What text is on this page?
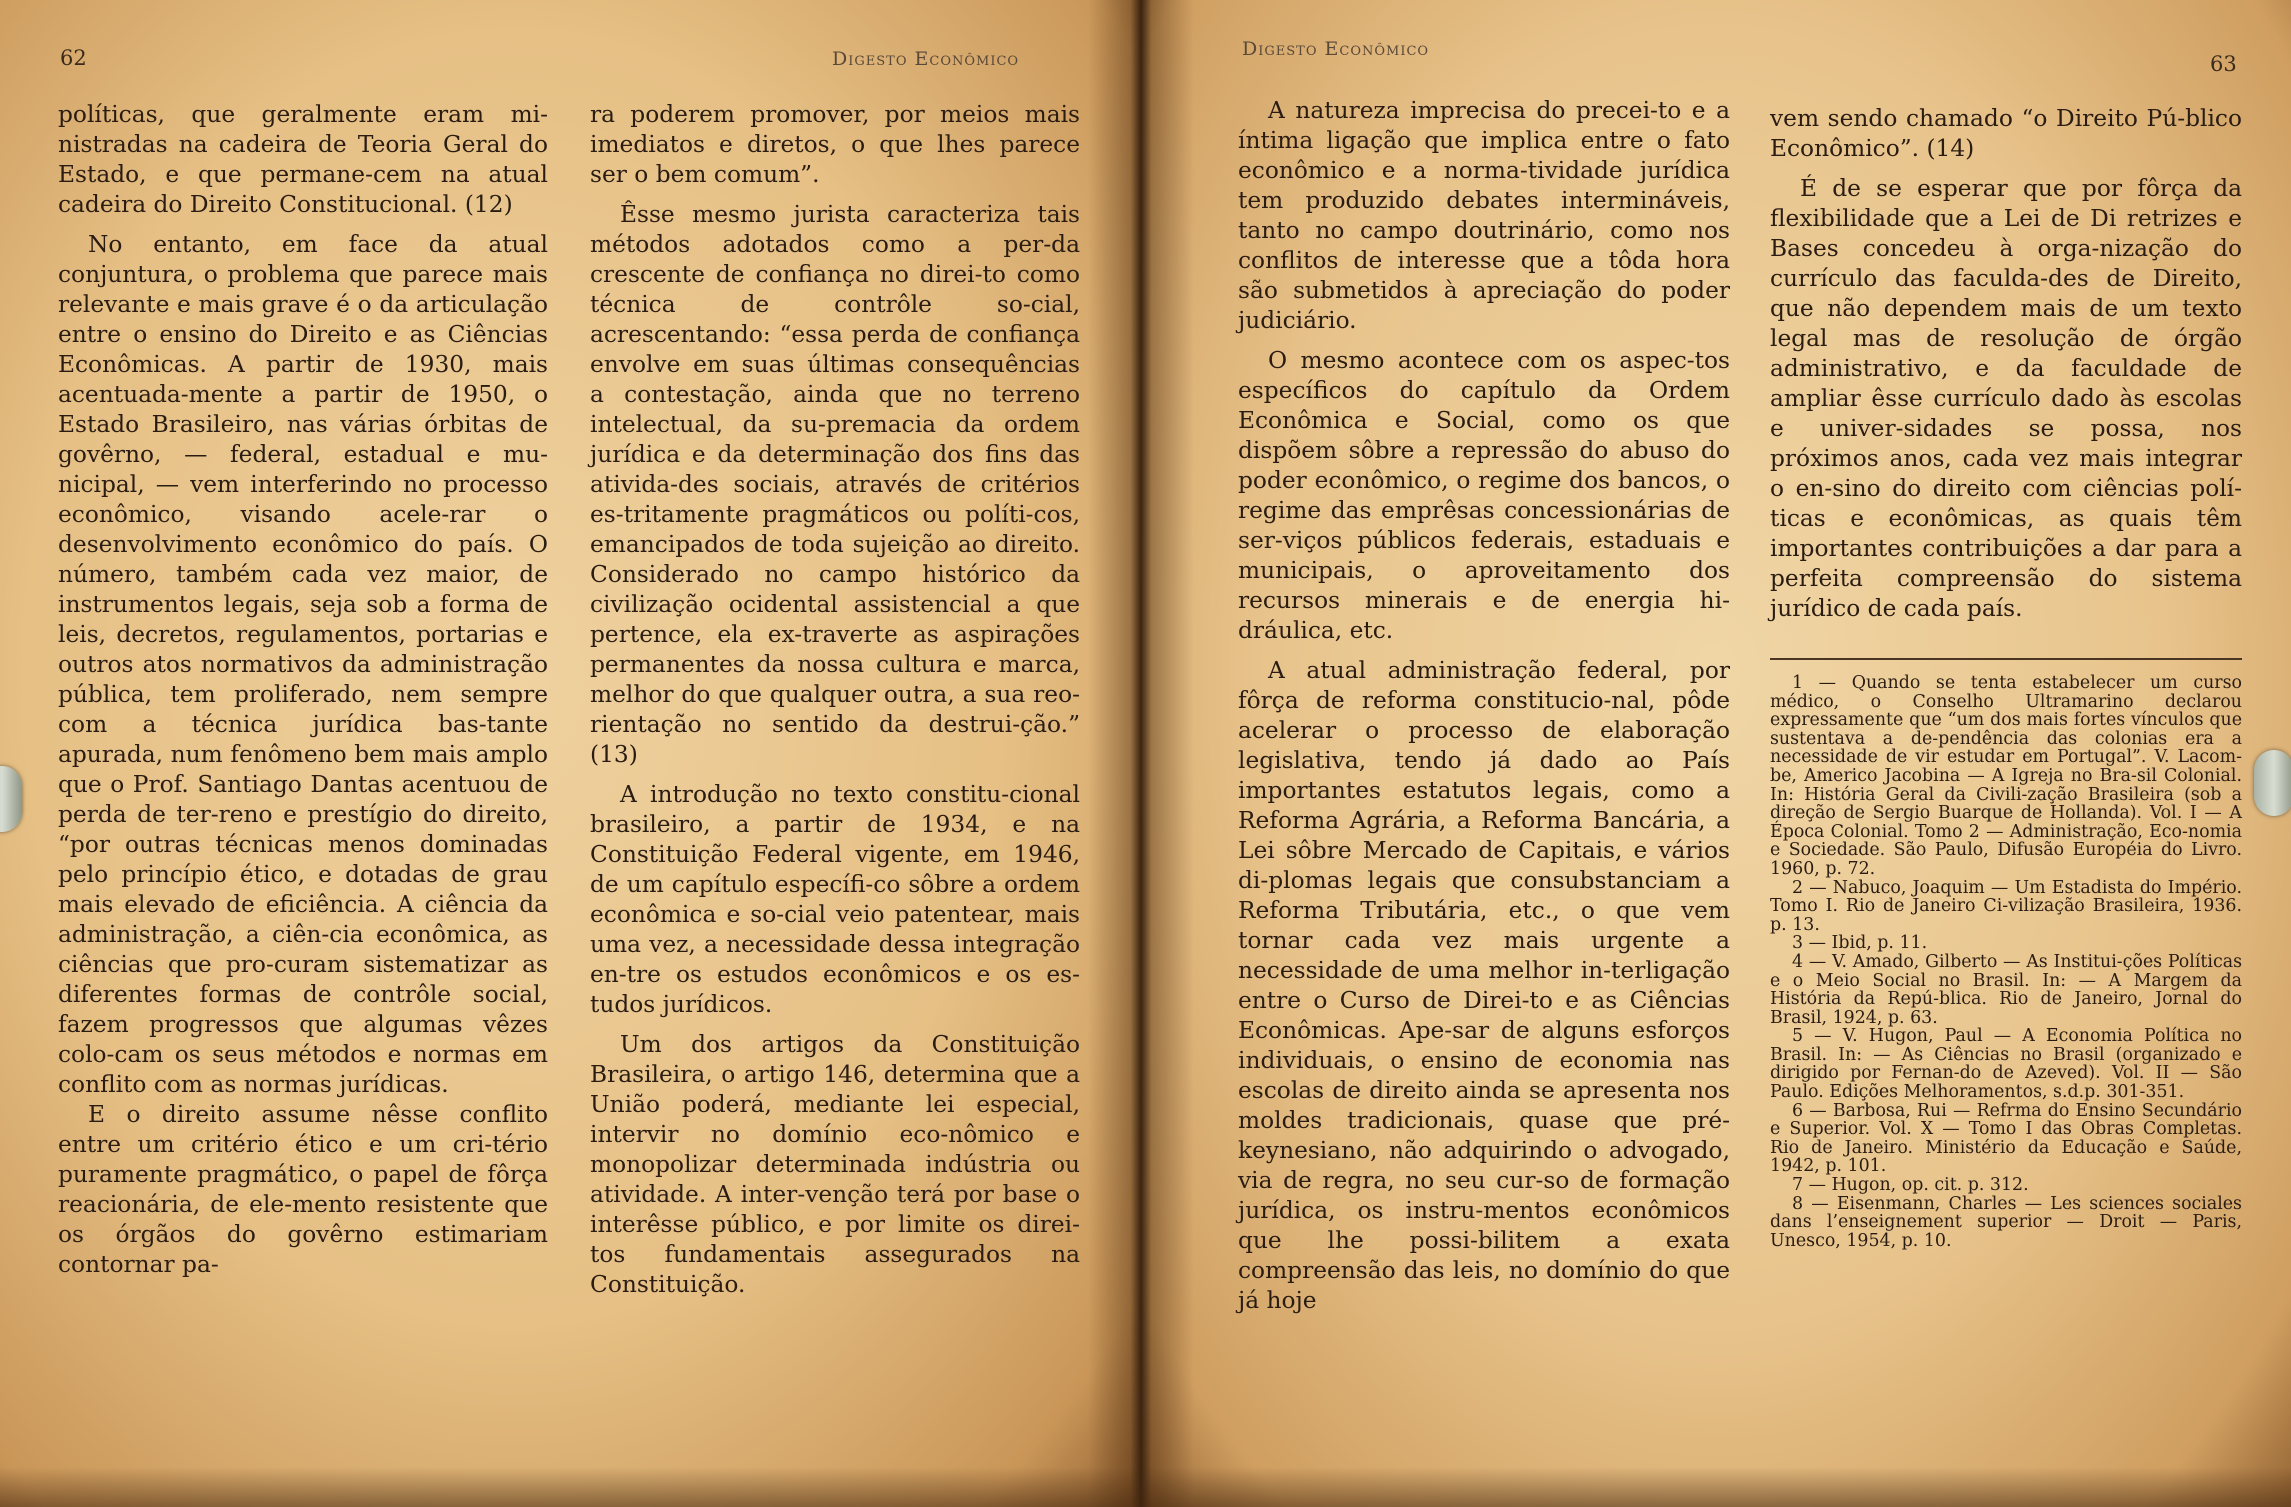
62	Digesto Econômico

políticas, que geralmente eram mi-nistradas na cadeira de Teoria Geral do Estado, e que permane-cem na atual cadeira do Direito Constitucional. (12)

No entanto, em face da atual conjuntura, o problema que parece mais relevante e mais grave é o da articulação entre o ensino do Direito e as Ciências Econômicas. A partir de 1930, mais acentuada-mente a partir de 1950, o Estado Brasileiro, nas várias órbitas de govêrno, — federal, estadual e mu-nicipal, — vem interferindo no processo econômico, visando acele-rar o desenvolvimento econômico do país. O número, também cada vez maior, de instrumentos legais, seja sob a forma de leis, decretos, regulamentos, portarias e outros atos normativos da administração pública, tem proliferado, nem sempre com a técnica jurídica bas-tante apurada, num fenômeno bem mais amplo que o Prof. Santiago Dantas acentuou de perda de ter-reno e prestígio do direito, “por outras técnicas menos dominadas pelo princípio ético, e dotadas de grau mais elevado de eficiência. A ciência da administração, a ciên-cia econômica, as ciências que pro-curam sistematizar as diferentes formas de contrôle social, fazem progressos que algumas vêzes colo-cam os seus métodos e normas em conflito com as normas jurídicas.

E o direito assume nêsse conflito entre um critério ético e um cri-tério puramente pragmático, o papel de fôrça reacionária, de ele-mento resistente que os órgãos do govêrno estimariam contornar pa-

ra poderem promover, por meios mais imediatos e diretos, o que lhes parece ser o bem comum”.

Êsse mesmo jurista caracteriza tais métodos adotados como a per-da crescente de confiança no direi-to como técnica de contrôle so-cial, acrescentando: “essa perda de confiança envolve em suas últimas consequências a contestação, ainda que no terreno intelectual, da su-premacia da ordem jurídica e da determinação dos fins das ativida-des sociais, através de critérios es-tritamente pragmáticos ou políti-cos, emancipados de toda sujeição ao direito. Considerado no campo histórico da civilização ocidental assistencial a que pertence, ela ex-traverte as aspirações permanentes da nossa cultura e marca, melhor do que qualquer outra, a sua reo-rientação no sentido da destrui-ção.” (13)

A introdução no texto constitu-cional brasileiro, a partir de 1934, e na Constituição Federal vigente, em 1946, de um capítulo específi-co sôbre a ordem econômica e so-cial veio patentear, mais uma vez, a necessidade dessa integração en-tre os estudos econômicos e os es-tudos jurídicos.

Um dos artigos da Constituição Brasileira, o artigo 146, determina que a União poderá, mediante lei especial, intervir no domínio eco-nômico e monopolizar determinada indústria ou atividade. A inter-venção terá por base o interêsse público, e por limite os direi-tos fundamentais assegurados na Constituição.

Digesto Econômico
63

A natureza imprecisa do precei-to e a íntima ligação que implica entre o fato econômico e a norma-tividade jurídica tem produzido debates intermináveis, tanto no campo doutrinário, como nos conflitos de interesse que a tôda hora são submetidos à apreciação do poder judiciário.

O mesmo acontece com os aspec-tos específicos do capítulo da Ordem Econômica e Social, como os que dispõem sôbre a repressão do abuso do poder econômico, o regime dos bancos, o regime das emprêsas concessionárias de ser-viços públicos federais, estaduais e municipais, o aproveitamento dos recursos minerais e de energia hi-dráulica, etc.

A atual administração federal, por fôrça de reforma constitucio-nal, pôde acelerar o processo de elaboração legislativa, tendo já dado ao País importantes estatutos legais, como a Reforma Agrária, a Reforma Bancária, a Lei sôbre Mercado de Capitais, e vários di-plomas legais que consubstanciam a Reforma Tributária, etc., o que vem tornar cada vez mais urgente a necessidade de uma melhor in-terligação entre o Curso de Direi-to e as Ciências Econômicas. Ape-sar de alguns esforços individuais, o ensino de economia nas escolas de direito ainda se apresenta nos moldes tradicionais, quase que pré-keynesiano, não adquirindo o advogado, via de regra, no seu cur-so de formação jurídica, os instru-mentos econômicos que lhe possi-bilitem a exata compreensão das leis, no domínio do que já hoje

vem sendo chamado “o Direito Pú-blico Econômico”. (14)

É de se esperar que por fôrça da flexibilidade que a Lei de Di retrizes e Bases concedeu à orga-nização do currículo das faculda-des de Direito, que não dependem mais de um texto legal mas de resolução de órgão administrativo, e da faculdade de ampliar êsse currículo dado às escolas e univer-sidades se possa, nos próximos anos, cada vez mais integrar o en-sino do direito com ciências polí-ticas e econômicas, as quais têm importantes contribuições a dar para a perfeita compreensão do sistema jurídico de cada país.

1 — Quando se tenta estabelecer um curso médico, o Conselho Ultramarino declarou expressamente que “um dos mais fortes vínculos que sustentava a de-pendência das colonias era a necessidade de vir estudar em Portugal”. V. Lacom-be, Americo Jacobina — A Igreja no Bra-sil Colonial. In: História Geral da Civili-zação Brasileira (sob a direção de Sergio Buarque de Hollanda). Vol. I — A Época Colonial. Tomo 2 — Administração, Eco-nomia e Sociedade. São Paulo, Difusão Européia do Livro. 1960, p. 72.

2 — Nabuco, Joaquim — Um Estadista do Império. Tomo I. Rio de Janeiro Ci-vilização Brasileira, 1936. p. 13.

3 — Ibid, p. 11.

4 — V. Amado, Gilberto — As Institui-ções Políticas e o Meio Social no Brasil. In: — A Margem da História da Repú-blica. Rio de Janeiro, Jornal do Brasil, 1924, p. 63.

5 — V. Hugon, Paul — A Economia Política no Brasil. In: — As Ciências no Brasil (organizado e dirigido por Fernan-do de Azeved). Vol. II — São Paulo. Edições Melhoramentos, s.d.p. 301-351.

6 — Barbosa, Rui — Refrma do Ensino Secundário e Superior. Vol. X — Tomo I das Obras Completas. Rio de Janeiro. Ministério da Educação e Saúde, 1942, p. 101.

7 — Hugon, op. cit. p. 312.

8 — Eisenmann, Charles — Les sciences sociales dans l’enseignement superior — Droit — Paris, Unesco, 1954, p. 10.
